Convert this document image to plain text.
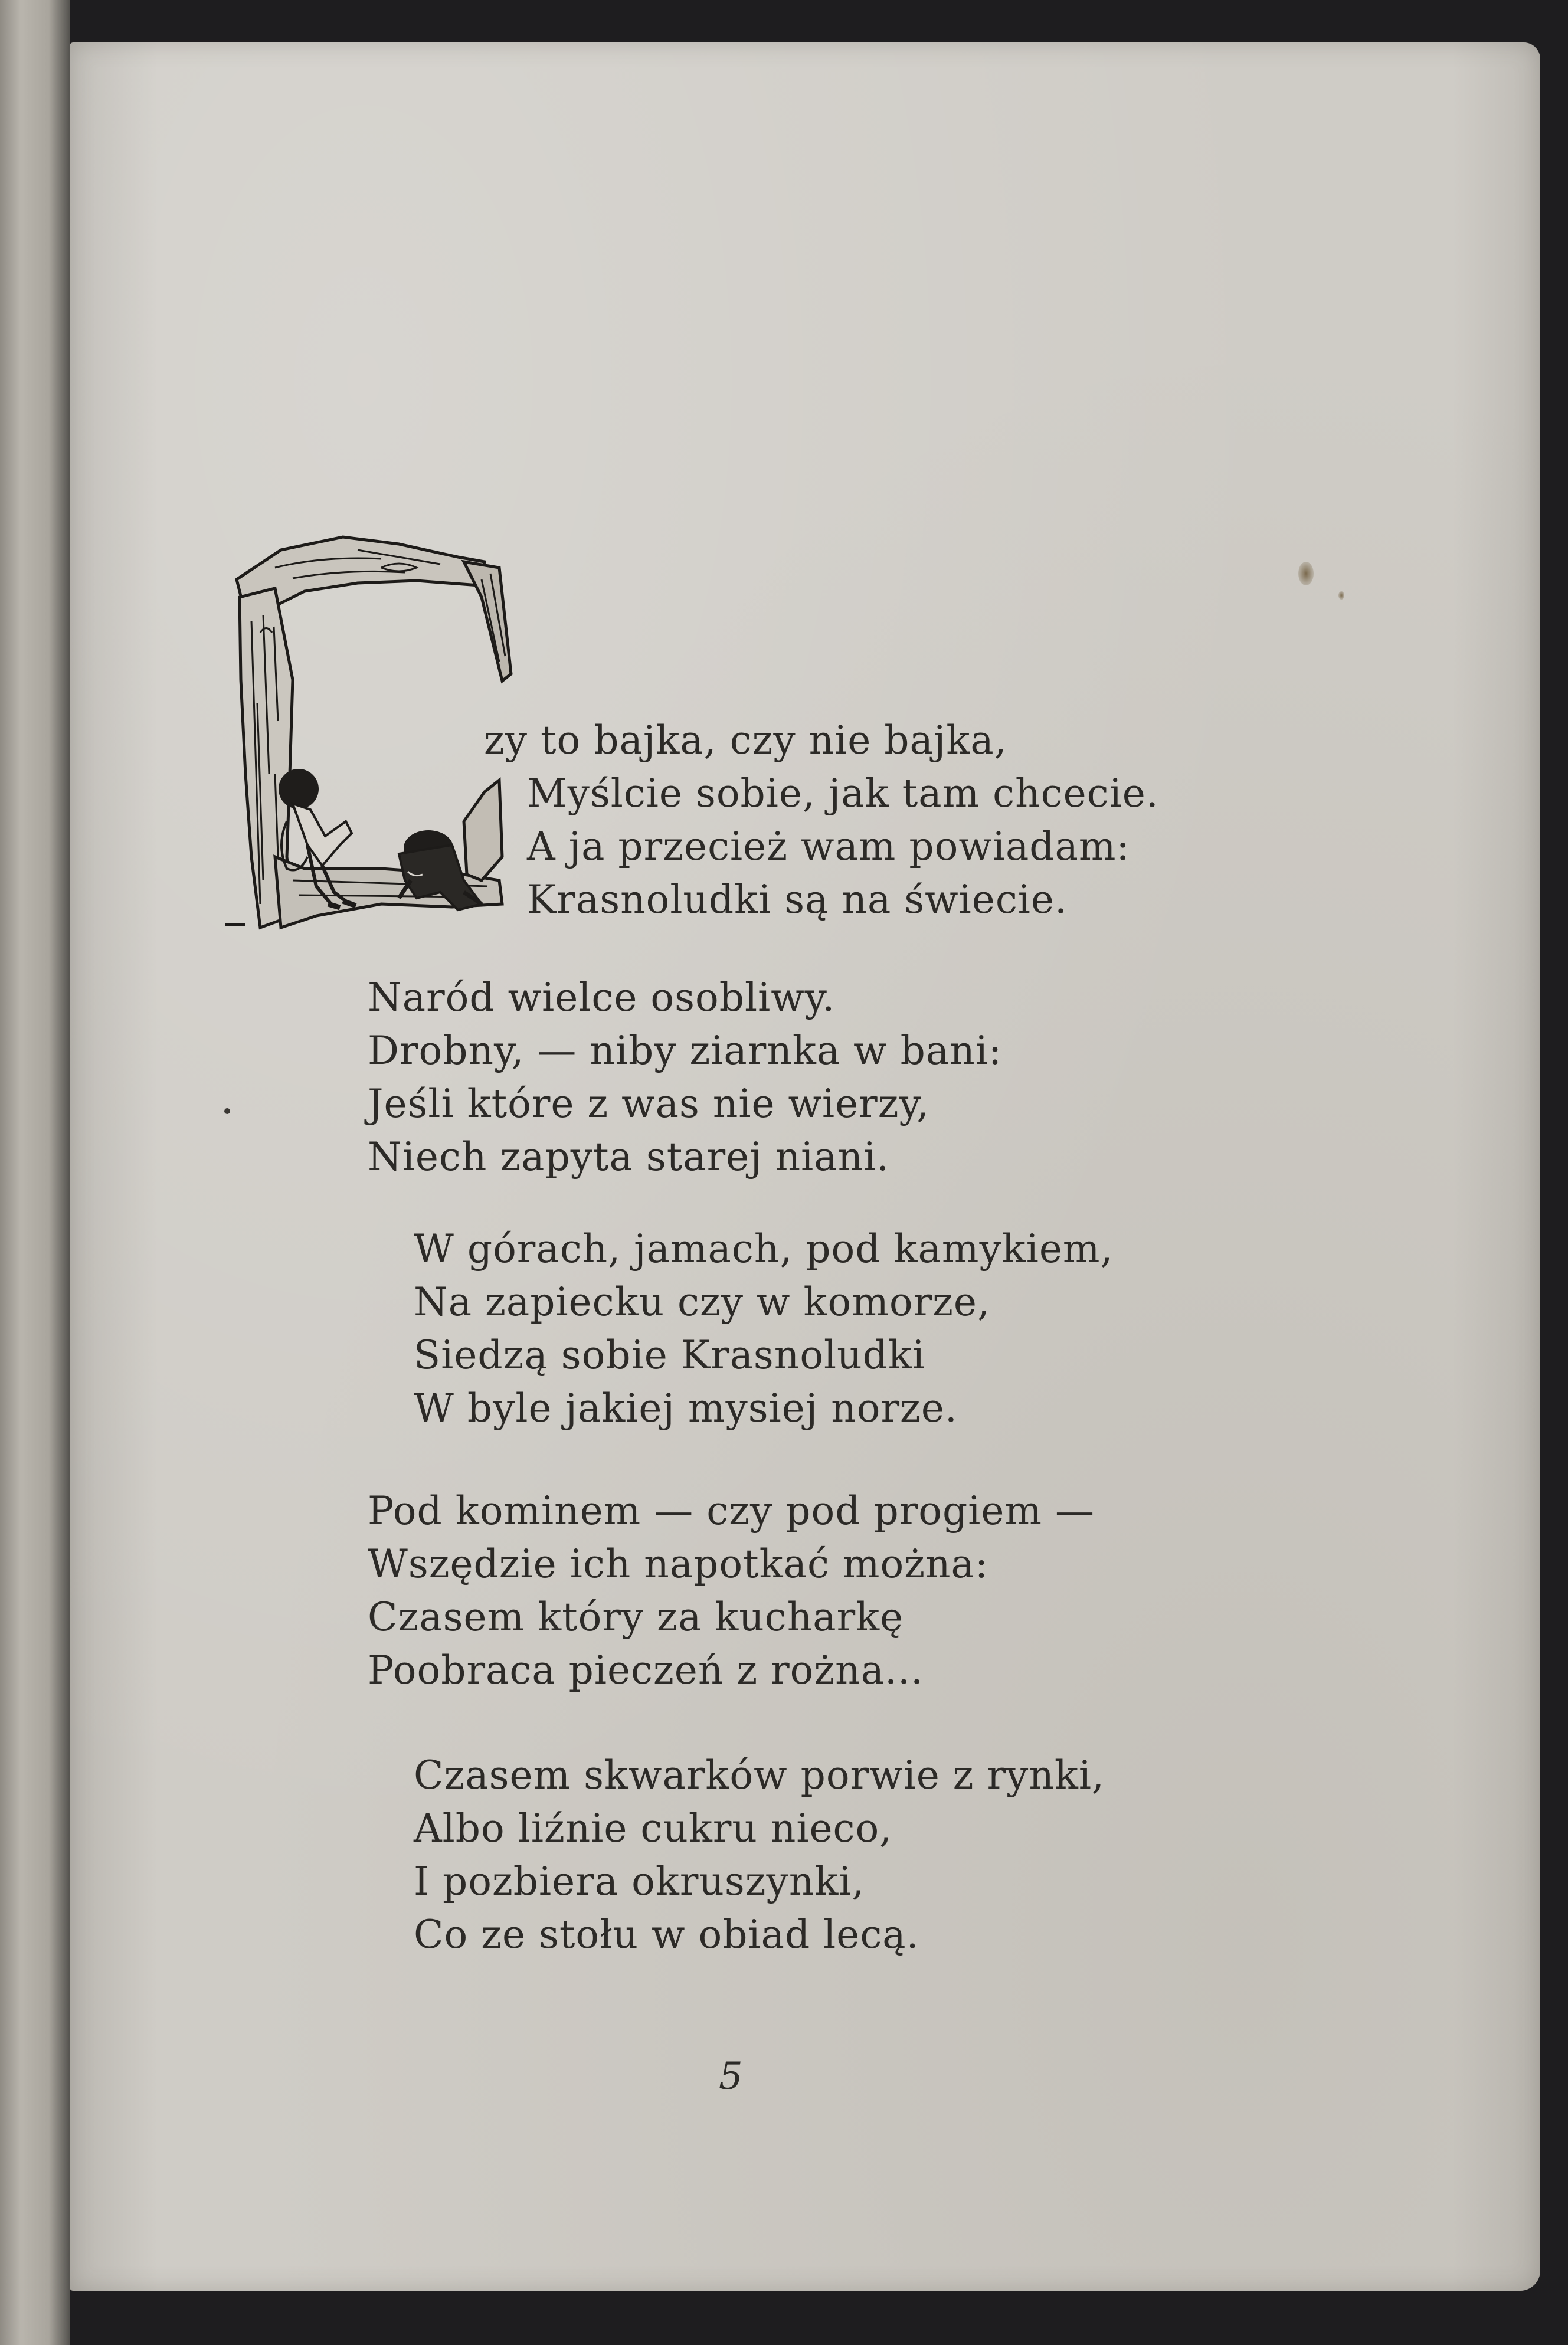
zy to bajka, czy nie bajka,
Myślcie sobie, jak tam chcecie.
A ja przecież wam powiadam:
Krasnoludki są na świecie.
Naród wielce osobliwy.
Drobny, — niby ziarnka w bani:
Jeśli które z was nie wierzy,
Niech zapyta starej niani.
W górach, jamach, pod kamykiem,
Na zapiecku czy w komorze,
Siedzą sobie Krasnoludki
W byle jakiej mysiej norze.
Pod kominem — czy pod progiem —
Wszędzie ich napotkać można:
Czasem który za kucharkę
Poobraca pieczeń z rożna...
Czasem skwarków porwie z rynki,
Albo liźnie cukru nieco,
I pozbiera okruszynki,
Co ze stołu w obiad lecą.
5
